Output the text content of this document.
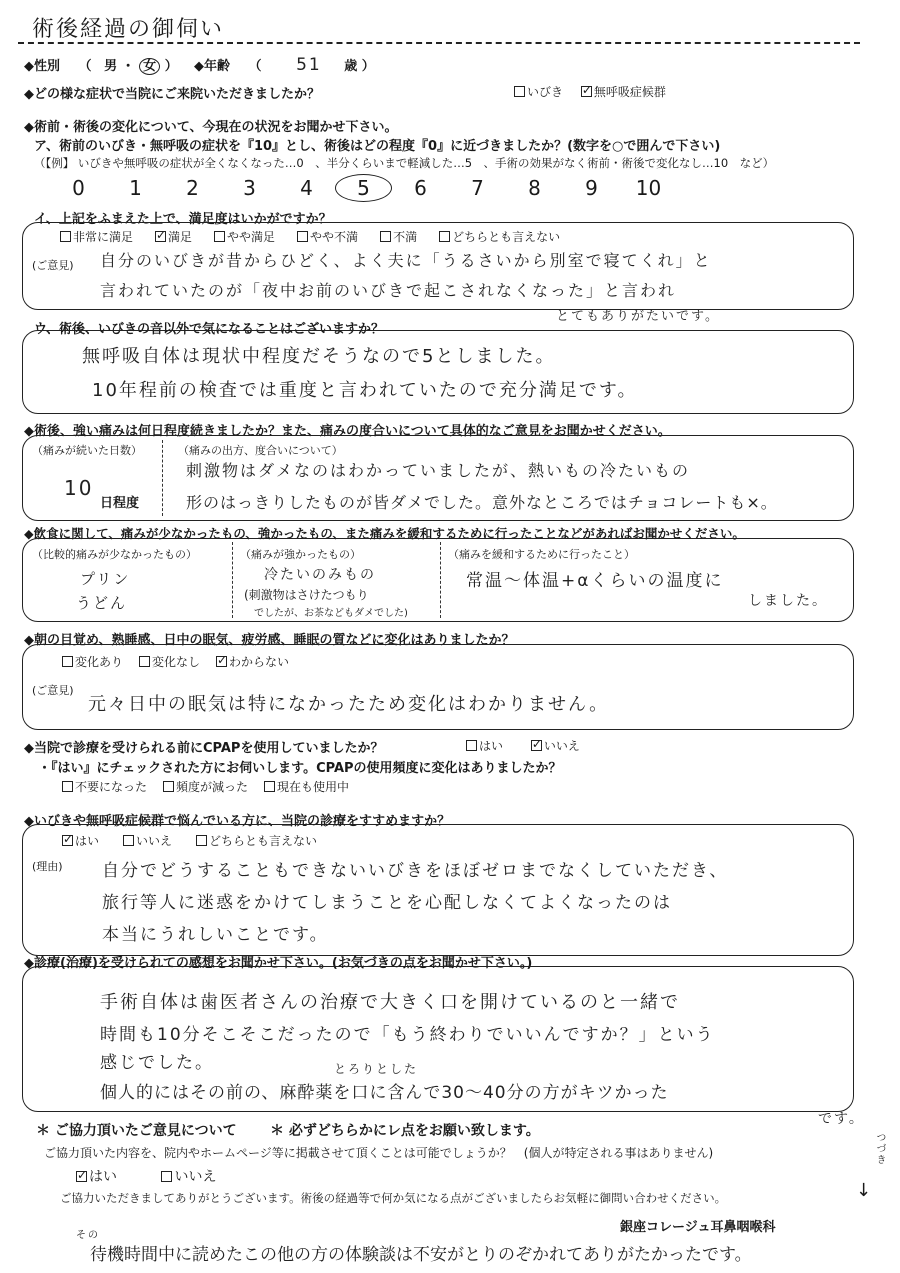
術後経過の御伺い
◆性別 （ 男 ・ 女 ） ◆年齢 （ 51 歳 ）
◆どの様な症状で当院にご来院いただきましたか？	いびき ✓	無呼吸症候群
◆術前・術後の変化について、今現在の状況をお聞かせ下さい。
ア、術前のいびき・無呼吸の症状を『10』とし、術後はどの程度『0』に近づきましたか？(数字を○で囲んで下さい)
（【例】 いびきや無呼吸の症状が全くなくなった…0　、半分くらいまで軽減した…5　、手術の効果がなく術前・術後で変化なし…10　など）
0 1 2 3 4 5 6 7 8 9 10
イ、上記をふまえた上で、満足度はいかがですか？
非常に満足 ✓	満足	やや満足	やや不満	不満	どちらとも言えない
(ご意見) 自分のいびきが昔からひどく、よく夫に「うるさいから別室で寝てくれ」と
言われていたのが「夜中お前のいびきで起こされなくなった」と言われ
とてもありがたいです。
ウ、術後、いびきの音以外で気になることはございますか？
無呼吸自体は現状中程度だそうなので5としました。
10年程前の検査では重度と言われていたので充分満足です。
◆術後、強い痛みは何日程度続きましたか？また、痛みの度合いについて具体的なご意見をお聞かせください。
（痛みが続いた日数）
10
日程度
（痛みの出方、度合いについて）
刺激物はダメなのはわかっていましたが、熱いもの冷たいもの
形のはっきりしたものが皆ダメでした。意外なところではチョコレートも×。
◆飲食に関して、痛みが少なかったもの、強かったもの、また痛みを緩和するために行ったことなどがあればお聞かせください。
（比較的痛みが少なかったもの）
プリン
うどん
（痛みが強かったもの）
冷たいのみもの
(刺激物はさけたつもり
でしたが、お茶などもダメでした)
（痛みを緩和するために行ったこと）
常温〜体温+αくらいの温度に
しました。
◆朝の目覚め、熟睡感、日中の眠気、疲労感、睡眠の質などに変化はありましたか？
変化あり 変化なし ✓ わからない
(ご意見)
元々日中の眠気は特になかったため変化はわかりません。
◆当院で診療を受けられる前にCPAPを使用していましたか？	はい ✓	いいえ
・『はい』にチェックされた方にお伺いします。CPAPの使用頻度に変化はありましたか？
不要になった 頻度が減った 現在も使用中
◆いびきや無呼吸症候群で悩んでいる方に、当院の診療をすすめますか？
✓はい	いいえ	どちらとも言えない
(理由) 自分でどうすることもできないいびきをほぼゼロまでなくしていただき、
旅行等人に迷惑をかけてしまうことを心配しなくてよくなったのは
本当にうれしいことです。
◆診療(治療)を受けられての感想をお聞かせ下さい。(お気づきの点をお聞かせ下さい。)
手術自体は歯医者さんの治療で大きく口を開けているのと一緒で
時間も10分そこそこだったので「もう終わりでいいんですか？」という
感じでした。	とろりとした
個人的にはその前の、麻酔薬を口に含んで30〜40分の方がキツかった
です。
＊ ご協力頂いたご意見について ＊ 必ずどちらかにレ点をお願い致します。
ご協力頂いた内容を、院内やホームページ等に掲載させて頂くことは可能でしょうか？　(個人が特定される事はありません)
✓はい	いいえ
ご協力いただきましてありがとうございます。術後の経過等で何か気になる点がございましたらお気軽に御問い合わせください。
銀座コレージュ耳鼻咽喉科
つづき
↓
その
待機時間中に読めたこの他の方の体験談は不安がとりのぞかれてありがたかったです。
